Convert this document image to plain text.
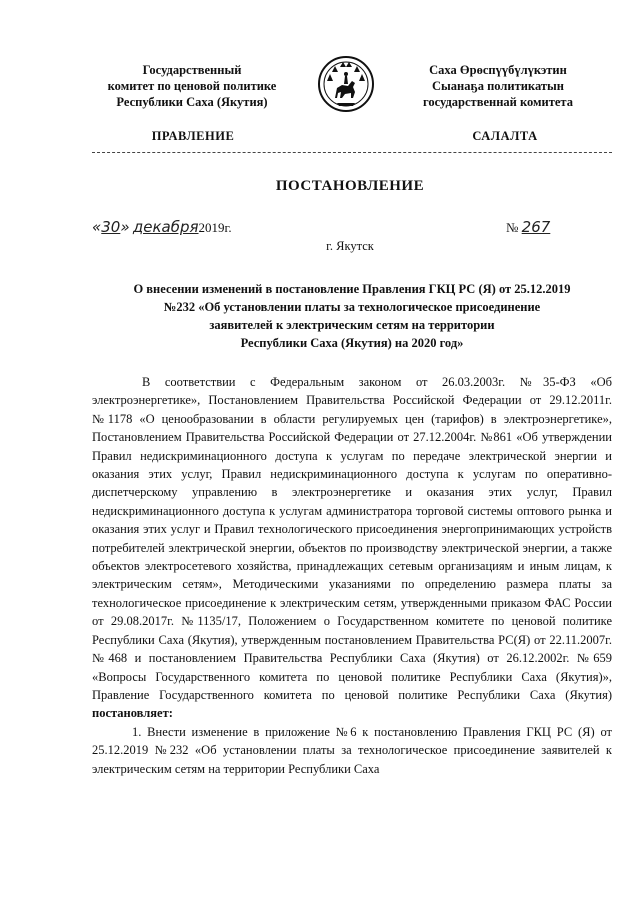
Государственный
комитет по ценовой политике
Республики Саха (Якутия)
Саха Өрөспүүбүлүкэтин
Сыанаҕа политикатын
государственнай комитета
ПРАВЛЕНИЕ	САЛАЛТА
ПОСТАНОВЛЕНИЕ
«30» декабря2019г.	№ 267
г. Якутск
О внесении изменений в постановление Правления ГКЦ РС (Я) от 25.12.2019
№232 «Об установлении платы за технологическое присоединение
заявителей к электрическим сетям на территории
Республики Саха (Якутия) на 2020 год»

В соответствии с Федеральным законом от 26.03.2003г. №35-ФЗ «Об электроэнергетике», Постановлением Правительства Российской Федерации от 29.12.2011г. №1178 «О ценообразовании в области регулируемых цен (тарифов) в электроэнергетике», Постановлением Правительства Российской Федерации от 27.12.2004г. №861 «Об утверждении Правил недискриминационного доступа к услугам по передаче электрической энергии и оказания этих услуг, Правил недискриминационного доступа к услугам по оперативно-диспетчерскому управлению в электроэнергетике и оказания этих услуг, Правил недискриминационного доступа к услугам администратора торговой системы оптового рынка и оказания этих услуг и Правил технологического присоединения энергопринимающих устройств потребителей электрической энергии, объектов по производству электрической энергии, а также объектов электросетевого хозяйства, принадлежащих сетевым организациям и иным лицам, к электрическим сетям», Методическими указаниями по определению размера платы за технологическое присоединение к электрическим сетям, утвержденными приказом ФАС России от 29.08.2017г. №1135/17, Положением о Государственном комитете по ценовой политике Республики Саха (Якутия), утвержденным постановлением Правительства РС(Я) от 22.11.2007г. №468 и постановлением Правительства Республики Саха (Якутия) от 26.12.2002г. №659 «Вопросы Государственного комитета по ценовой политике Республики Саха (Якутия)», Правление Государственного комитета по ценовой политике Республики Саха (Якутия) постановляет:

1. Внести изменение в приложение №6 к постановлению Правления ГКЦ РС (Я) от 25.12.2019 №232 «Об установлении платы за технологическое присоединение заявителей к электрическим сетям на территории Республики Саха
